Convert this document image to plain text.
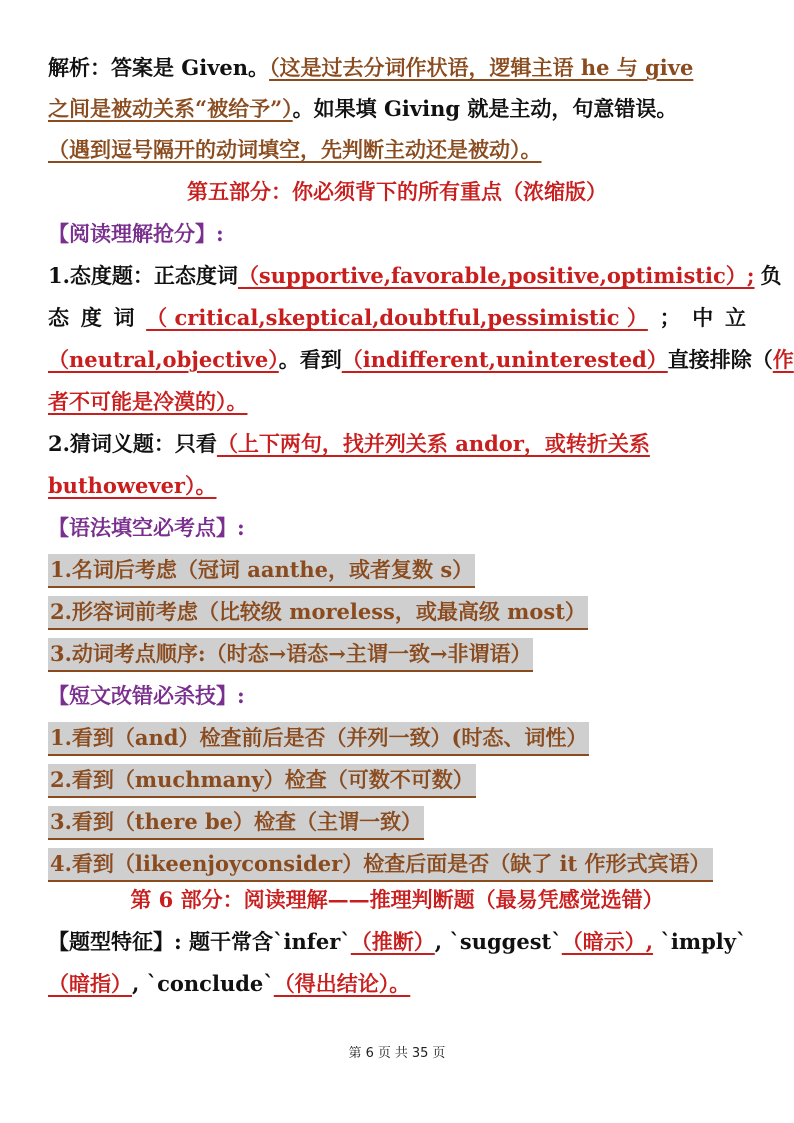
解析：答案是 Given。（这是过去分词作状语，逻辑主语 he 与 give
之间是被动关系“被给予”）。如果填 Giving 就是主动，句意错误。
（遇到逗号隔开的动词填空，先判断主动还是被动）。
第五部分：你必须背下的所有重点（浓缩版）
【阅读理解抢分】:
1.态度题：正态度词（supportive,favorable,positive,optimistic）; 负
态 度 词 （ critical,skeptical,doubtful,pessimistic ） ； 中 立
（neutral,objective）。看到（indifferent,uninterested）直接排除（作
者不可能是冷漠的）。
2.猜词义题：只看（上下两句，找并列关系 andor，或转折关系
buthowever）。
【语法填空必考点】:
1.名词后考虑（冠词 aanthe，或者复数 s）
2.形容词前考虑（比较级 moreless，或最高级 most）
3.动词考点顺序:（时态→语态→主谓一致→非谓语）
【短文改错必杀技】:
1.看到（and）检查前后是否（并列一致）(时态、词性）
2.看到（muchmany）检查（可数不可数）
3.看到（there be）检查（主谓一致）
4.看到（likeenjoyconsider）检查后面是否（缺了 it 作形式宾语）
第 6 部分：阅读理解——推理判断题（最易凭感觉选错）
【题型特征】: 题干常含`infer`（推断）, `suggest`（暗示）, `imply`
（暗指）, `conclude`（得出结论）。
第 6 页 共 35 页
